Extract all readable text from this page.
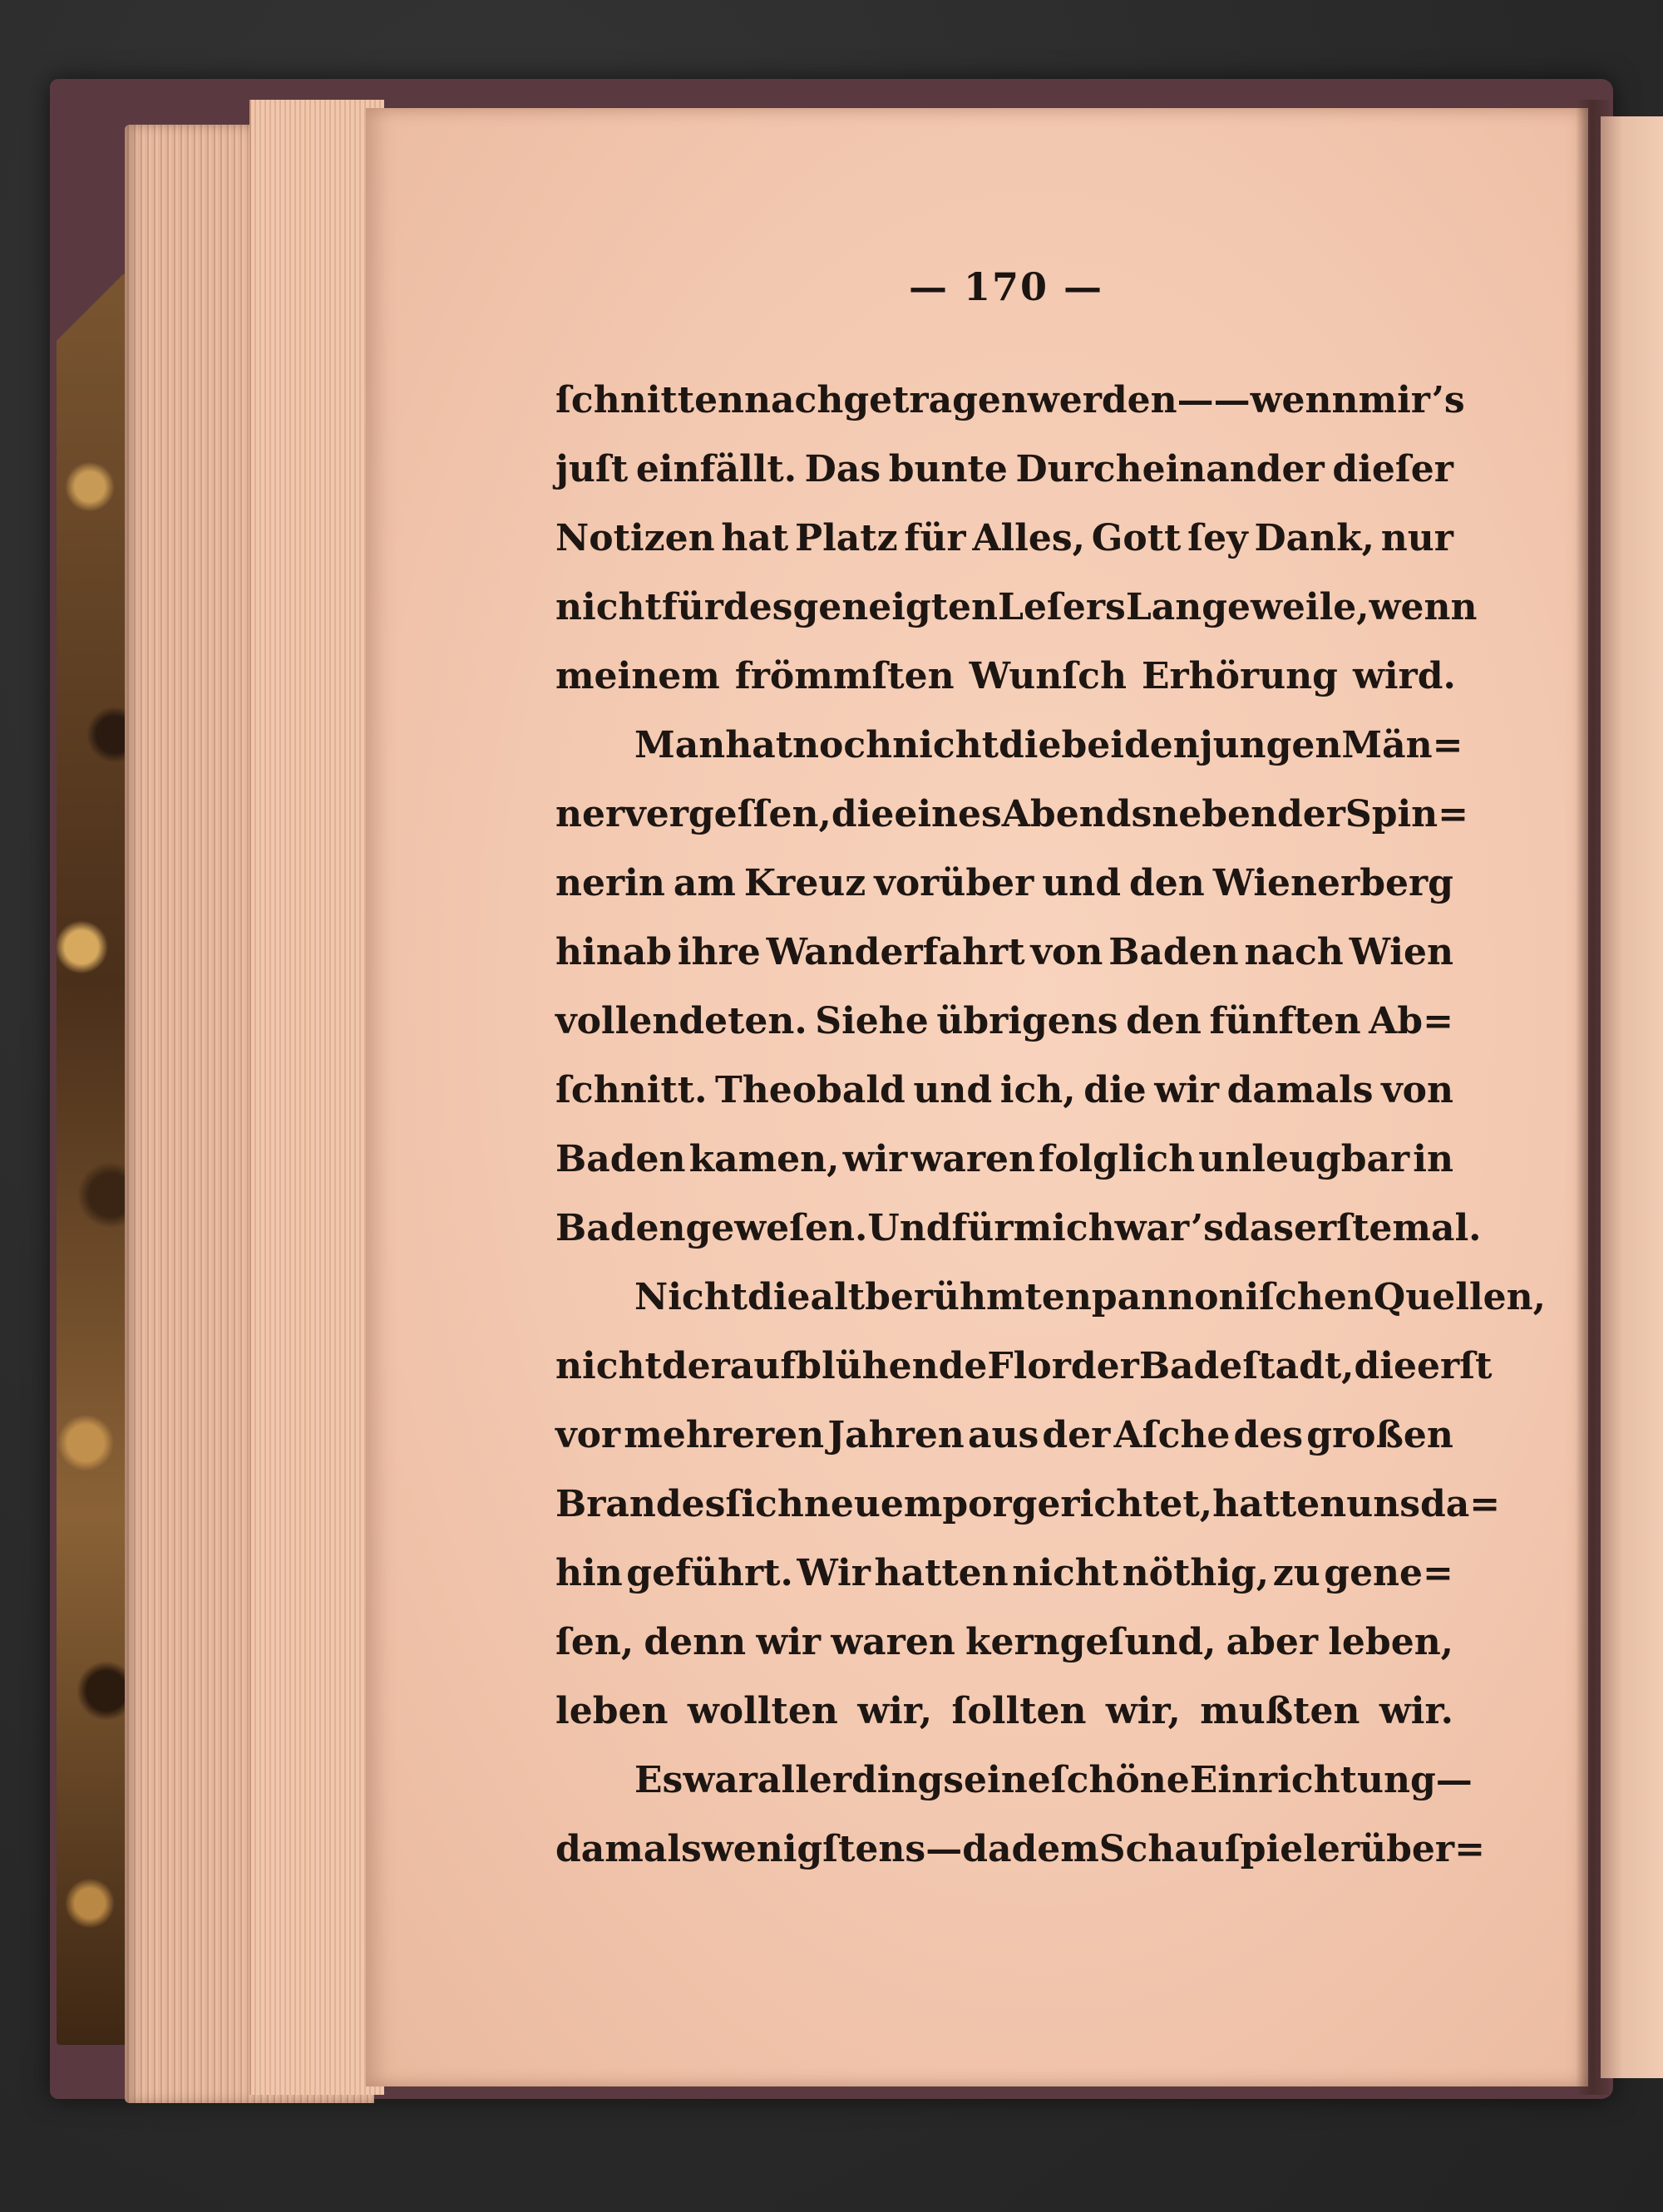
— 170 —
ſchnitten nachgetragen werden — — wenn mir’s
juſt einfällt. Das bunte Durcheinander dieſer
Notizen hat Platz für Alles, Gott ſey Dank, nur
nicht für des geneigten Leſers Langeweile, wenn
meinem frömmſten Wunſch Erhörung wird.
Man hat noch nicht die beiden jungen Män=
ner vergeſſen, die eines Abends neben der Spin=
nerin am Kreuz vorüber und den Wienerberg
hinab ihre Wanderfahrt von Baden nach Wien
vollendeten. Siehe übrigens den fünften Ab=
ſchnitt. Theobald und ich, die wir damals von
Baden kamen, wir waren folglich unleugbar in
Baden geweſen. Und für mich war’s das erſtemal.
Nicht die altberühmten pannoniſchen Quellen,
nicht der aufblühende Flor der Badeſtadt, die erſt
vor mehreren Jahren aus der Aſche des großen
Brandes ſich neu emporgerichtet, hatten uns da=
hin geführt. Wir hatten nicht nöthig, zu gene=
ſen, denn wir waren kerngeſund, aber leben,
leben wollten wir, ſollten wir, mußten wir.
Es war allerdings eine ſchöne Einrichtung —
damals wenigſtens — da dem Schauſpieler über=
